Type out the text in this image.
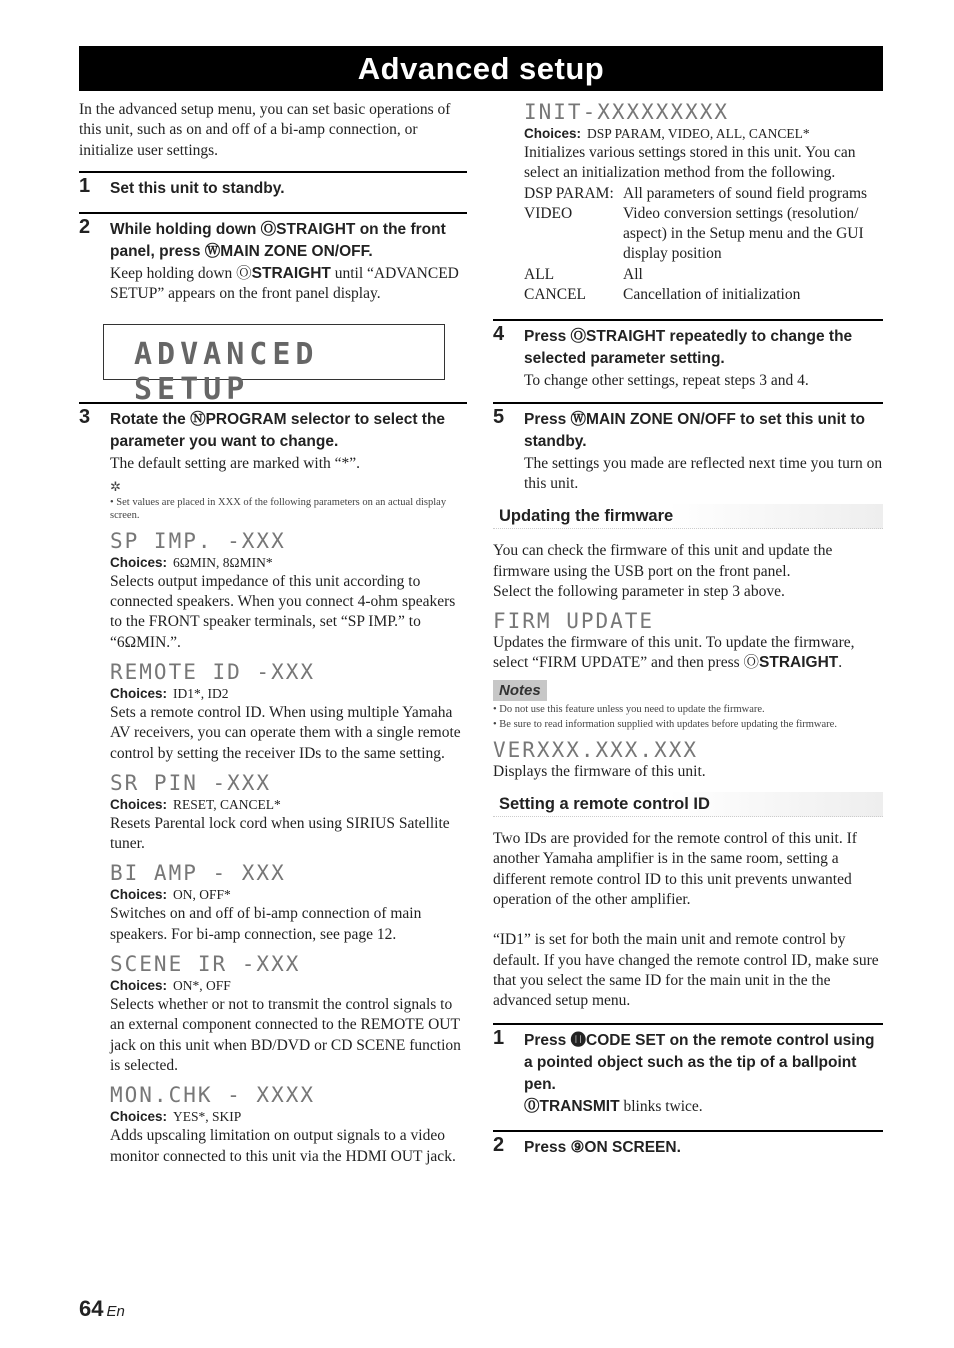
Advanced setup

In the advanced setup menu, you can set basic operations of this unit, such as on and off of a bi-amp connection, or initialize user settings.

1 Set this unit to standby.
2 While holding down ⓄSTRAIGHT on the front panel, press ⓌMAIN ZONE ON/OFF.
Keep holding down ⓄSTRAIGHT until “ADVANCED SETUP” appears on the front panel display.
ADVANCED SETUP
3 Rotate the ⓃPROGRAM selector to select the parameter you want to change.
The default setting are marked with “*”.
✲
• Set values are placed in XXX of the following parameters on an actual display screen.
SP IMP. -XXX
Choices: 6ΩMIN, 8ΩMIN*

Selects output impedance of this unit according to connected speakers. When you connect 4-ohm speakers to the FRONT speaker terminals, set “SP IMP.” to “6ΩMIN.”.

REMOTE ID -XXX
Choices: ID1*, ID2

Sets a remote control ID. When using multiple Yamaha AV receivers, you can operate them with a single remote control by setting the receiver IDs to the same setting.

SR PIN -XXX
Choices: RESET, CANCEL*

Resets Parental lock cord when using SIRIUS Satellite tuner.

BI AMP - XXX
Choices: ON, OFF*

Switches on and off of bi-amp connection of main speakers. For bi-amp connection, see page 12.

SCENE IR -XXX
Choices: ON*, OFF

Selects whether or not to transmit the control signals to an external component connected to the REMOTE OUT jack on this unit when BD/DVD or CD SCENE function is selected.

MON.CHK - XXXX
Choices: YES*, SKIP

Adds upscaling limitation on output signals to a video monitor connected to this unit via the HDMI OUT jack.

INIT-XXXXXXXXX
Choices: DSP PARAM, VIDEO, ALL, CANCEL*

Initializes various settings stored in this unit. You can select an initialization method from the following.

DSP PARAM: All parameters of sound field programs
VIDEO	Video conversion settings (resolution/ aspect) in the Setup menu and the GUI display position
ALL	All
CANCEL	Cancellation of initialization
4 Press ⓄSTRAIGHT repeatedly to change the selected parameter setting.
To change other settings, repeat steps 3 and 4.
5 Press ⓌMAIN ZONE ON/OFF to set this unit to standby.
The settings you made are reflected next time you turn on this unit.
Updating the firmware

You can check the firmware of this unit and update the firmware using the USB port on the front panel.

Select the following parameter in step 3 above.

FIRM UPDATE

Updates the firmware of this unit. To update the firmware, select “FIRM UPDATE” and then press ⓄSTRAIGHT.

Notes
• Do not use this feature unless you need to update the firmware.
• Be sure to read information supplied with updates before updating the firmware.
VERXXX.XXX.XXX

Displays the firmware of this unit.

Setting a remote control ID

Two IDs are provided for the remote control of this unit. If another Yamaha amplifier is in the same room, setting a different remote control ID to this unit prevents unwanted operation of the other amplifier.

“ID1” is set for both the main unit and remote control by default. If you have changed the remote control ID, make sure that you select the same ID for the main unit in the the advanced setup menu.

1 Press ⓫CODE SET on the remote control using a pointed object such as the tip of a ballpoint pen.
⓪TRANSMIT blinks twice.
2 Press ⑨ON SCREEN.
64 En
